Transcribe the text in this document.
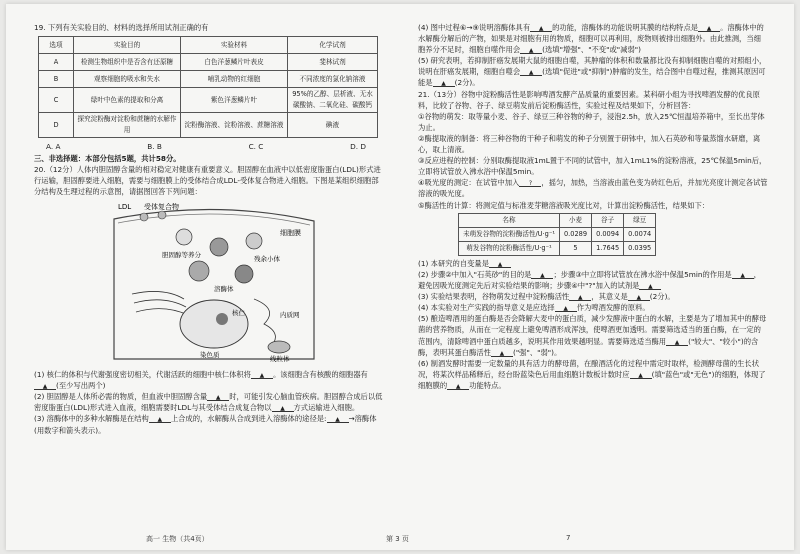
19. 下列有关实验目的、材料的选择所用试剂正确的有

选项	实验目的	实验材料	化学试剂
A	检测生物组织中是否含有还原糖	白色洋葱鳞片叶表皮	斐林试剂
B	观察细胞的吸水和失水	哺乳动物的红细胞	不同浓度的氯化钠溶液
C	绿叶中色素的提取和分离	紫色洋葱鳞片叶	95%的乙醇、层析液、无水碳酸钠、二氧化硅、碳酸钙
D	探究淀粉酶对淀粉和蔗糖的水解作用	淀粉酶溶液、淀粉溶液、蔗糖溶液	碘液
A. A	B. B	C. C	D. D

三、非选择题：本部分包括5题，共计58分。

20.（12分）人体内胆固醇含量的相对稳定对健康有重要意义。胆固醇在血液中以低密度脂蛋白(LDL)形式进行运输，胆固醇要进入细胞，需要与细胞膜上的受体结合成LDL-受体复合物进入细胞。下图是某组织细胞部分结构及生理过程的示意图，请据图回答下列问题：

LDL 受体复合物
细胞膜
胆固醇等养分	残余小体
溶酶体
核仁	内质网
染色质	线粒体

(1) 核仁的体积与代谢强度密切相关，代谢活跃的细胞中核仁体积将 ▲ 。该细胞含有核酸的细胞器有▲ (至少写出两个)

(2) 胆固醇是人体所必需的物质，但血液中胆固醇含量 ▲ 时，可能引发心脑血管疾病。胆固醇合成后以低密度脂蛋白(LDL)形式进入血液，细胞需要时LDL与其受体结合成复合物以 ▲ 方式运输进入细胞。

(3) 溶酶体中的多种水解酶是在结构 ▲ 上合成的，水解酶从合成到进入溶酶体的途径是: ▲ →溶酶体(用数字和箭头表示)。

(4) 图中过程⑥→⑨说明溶酶体具有 ▲ 的功能，溶酶体的功能说明其膜的结构特点是 ▲ 。溶酶体中的水解酶分解后的产物，如果是对细胞有用的物质，细胞可以再利用，废物则被排出细胞外。由此推测，当细胞养分不足时，细胞自噬作用会 ▲ (选填"增强"、"不变"或"减弱")

(5) 研究表明，若抑制肝癌发展期大鼠的细胞自噬，其肿瘤的体积和数量都比没有抑制细胞自噬的对照组小，说明在肝癌发展期，细胞自噬会 ▲ (选填"促进"或"抑制")肿瘤的发生，结合图中自噬过程，推测其原因可能是 ▲ (2分)。

21.（13分）谷物中淀粉酶活性是影响啤酒发酵产品质量的重要因素。某科研小组为寻找啤酒发酵的优良原料，比较了谷物、谷子、绿豆萌发前后淀粉酶活性，实验过程及结果如下，分析回答：

①谷物的萌发：取等量小麦、谷子、绿豆三种谷物的种子，浸泡2.5h，放入25℃恒温培养箱中，至长出芽体为止。

②酶提取液的制备：将三种谷物的干种子和萌发的种子分别置于研钵中，加入石英砂和等量蒸馏水研磨，离心，取上清液。

③反应进程的控制：分别取酶提取液1mL置于不同的试管中，加入1mL1%的淀粉溶液，25℃保温5min后，立即将试管放入沸水浴中保温5min。

④吸光度的测定：在试管中加入 ? ，摇匀，加热，当溶液由蓝色变为砖红色后，并加光亮度计测定各试管溶液的吸光度。

⑤酶活性的计算：将测定值与标准麦芽糖溶液吸光度比对，计算出淀粉酶活性，结果如下：

名称	小麦	谷子	绿豆
未萌发谷物的淀粉酶活性/U·g⁻¹	0.0289	0.0094	0.0074
萌发谷物的淀粉酶活性/U·g⁻¹	5	1.7645	0.0395

(1) 本研究的自变量是 ▲

(2) 步骤②中加入"石英砂"的目的是 ▲ ；步骤③中立即将试管放在沸水浴中保温5min的作用是 ▲ ，避免因吸光度测定先后对实验结果的影响；步骤④中"?"加入的试剂是 ▲

(3) 实验结果表明，谷物萌发过程中淀粉酶活性 ▲ ，其意义是 ▲ (2分)。

(4) 本实验对生产实践的指导意义是应选择 ▲ 作为啤酒发酵的原料。

(5) 酿造啤酒用的蛋白酶是否会降解大麦中的蛋白质，减少发酵液中蛋白的水解，主要是为了增加其中的酵母菌的营养物质，从而在一定程度上避免啤酒形成浑浊，使啤酒更加透明。需要筛选适当的蛋白酶，在一定的范围内，清除啤酒中蛋白质越多，说明其作用效果越明显。需要筛选适当酶用 ▲ ("较大"、"较小")的含酶，表明其蛋白酶活性 ▲ ("强"、"弱")。

(6) 制酒发酵时需要一定数量的具有活力的酵母菌，在酿酒活化的过程中需定时取样，检测酵母菌的生长状况，将某次样品稀释后，经台盼蓝染色后用血细胞计数板计数时应 ▲ (填"蓝色"或"无色")的细胞，体现了细胞膜的 ▲ 功能特点。

高一 生物（共4页）	第 3 页	7
